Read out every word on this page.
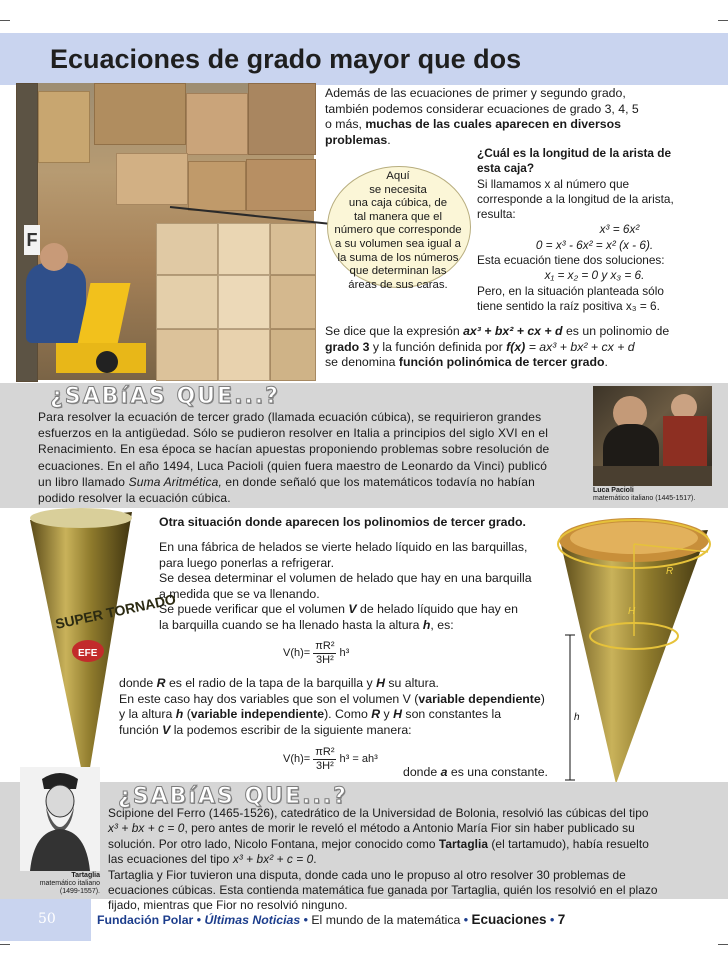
Ecuaciones de grado mayor que dos
F
Además de las ecuaciones de primer y segundo grado,
también podemos considerar ecuaciones de grado 3, 4, 5
o más, muchas de las cuales aparecen en diversos
problemas.
Aquí
se necesita
una caja cúbica, de
tal manera que el
número que corresponde
a su volumen sea igual a
la suma de los números
que determinan las
áreas de sus caras.
¿Cuál es la longitud de la arista de
esta caja?
Si llamamos x al número que
corresponde a la longitud de la arista,
resulta:
x³ = 6x²
0 = x³ - 6x² = x² (x - 6).
Esta ecuación tiene dos soluciones:
x₁ = x₂ = 0 y x₃ = 6.
Pero, en la situación planteada sólo
tiene sentido la raíz positiva x₃ = 6.
Se dice que la expresión ax³ + bx² + cx + d es un polinomio de
grado 3 y la función definida por f(x) = ax³ + bx² + cx + d
se denomina función polinómica de tercer grado.
¿SABíAS QUE...?
Para resolver la ecuación de tercer grado (llamada ecuación cúbica), se requirieron grandes
esfuerzos en la antigüedad. Sólo se pudieron resolver en Italia a principios del siglo XVI en el
Renacimiento. En esa época se hacían apuestas proponiendo problemas sobre resolución de
ecuaciones. En el año 1494, Luca Pacioli (quien fuera maestro de Leonardo da Vinci) publicó
un libro llamado Suma Aritmética, en donde señaló que los matemáticos todavía no habían
podido resolver la ecuación cúbica.
Luca Pacioli
matemático italiano (1445-1517).
SUPER TORNADO
EFE
R
H
h
Otra situación donde aparecen los polinomios de tercer grado.
En una fábrica de helados se vierte helado líquido en las barquillas,
para luego ponerlas a refrigerar.
Se desea determinar el volumen de helado que hay en una barquilla
a medida que se va llenando.
Se puede verificar que el volumen V de helado líquido que hay en
la barquilla cuando se ha llenado hasta la altura h, es:
$V(h)= \frac{\text{πR²}}{\text{3H²}} h^3$
donde R es el radio de la tapa de la barquilla y H su altura.
En este caso hay dos variables que son el volumen V (variable dependiente)
y la altura h (variable independiente). Como R y H son constantes la
función V la podemos escribir de la siguiente manera:
$V(h)= \frac{\text{πR²}}{\text{3H²}} h^3 = ah^3$
donde a es una constante.
Tartaglia
matemático italiano
(1499-1557).
¿SABíAS QUE...?
Scipione del Ferro (1465-1526), catedrático de la Universidad de Bolonia, resolvió las cúbicas del tipo
x³ + bx + c = 0, pero antes de morir le reveló el método a Antonio María Fior sin haber publicado su
solución. Por otro lado, Nicolo Fontana, mejor conocido como Tartaglia (el tartamudo), había resuelto
las ecuaciones del tipo x³ + bx² + c = 0.
Tartaglia y Fior tuvieron una disputa, donde cada uno le propuso al otro resolver 30 problemas de
ecuaciones cúbicas. Esta contienda matemática fue ganada por Tartaglia, quién los resolvió en el plazo
fijado, mientras que Fior no resolvió ninguno.
50	Fundación Polar • Últimas Noticias • El mundo de la matemática • Ecuaciones • 7
